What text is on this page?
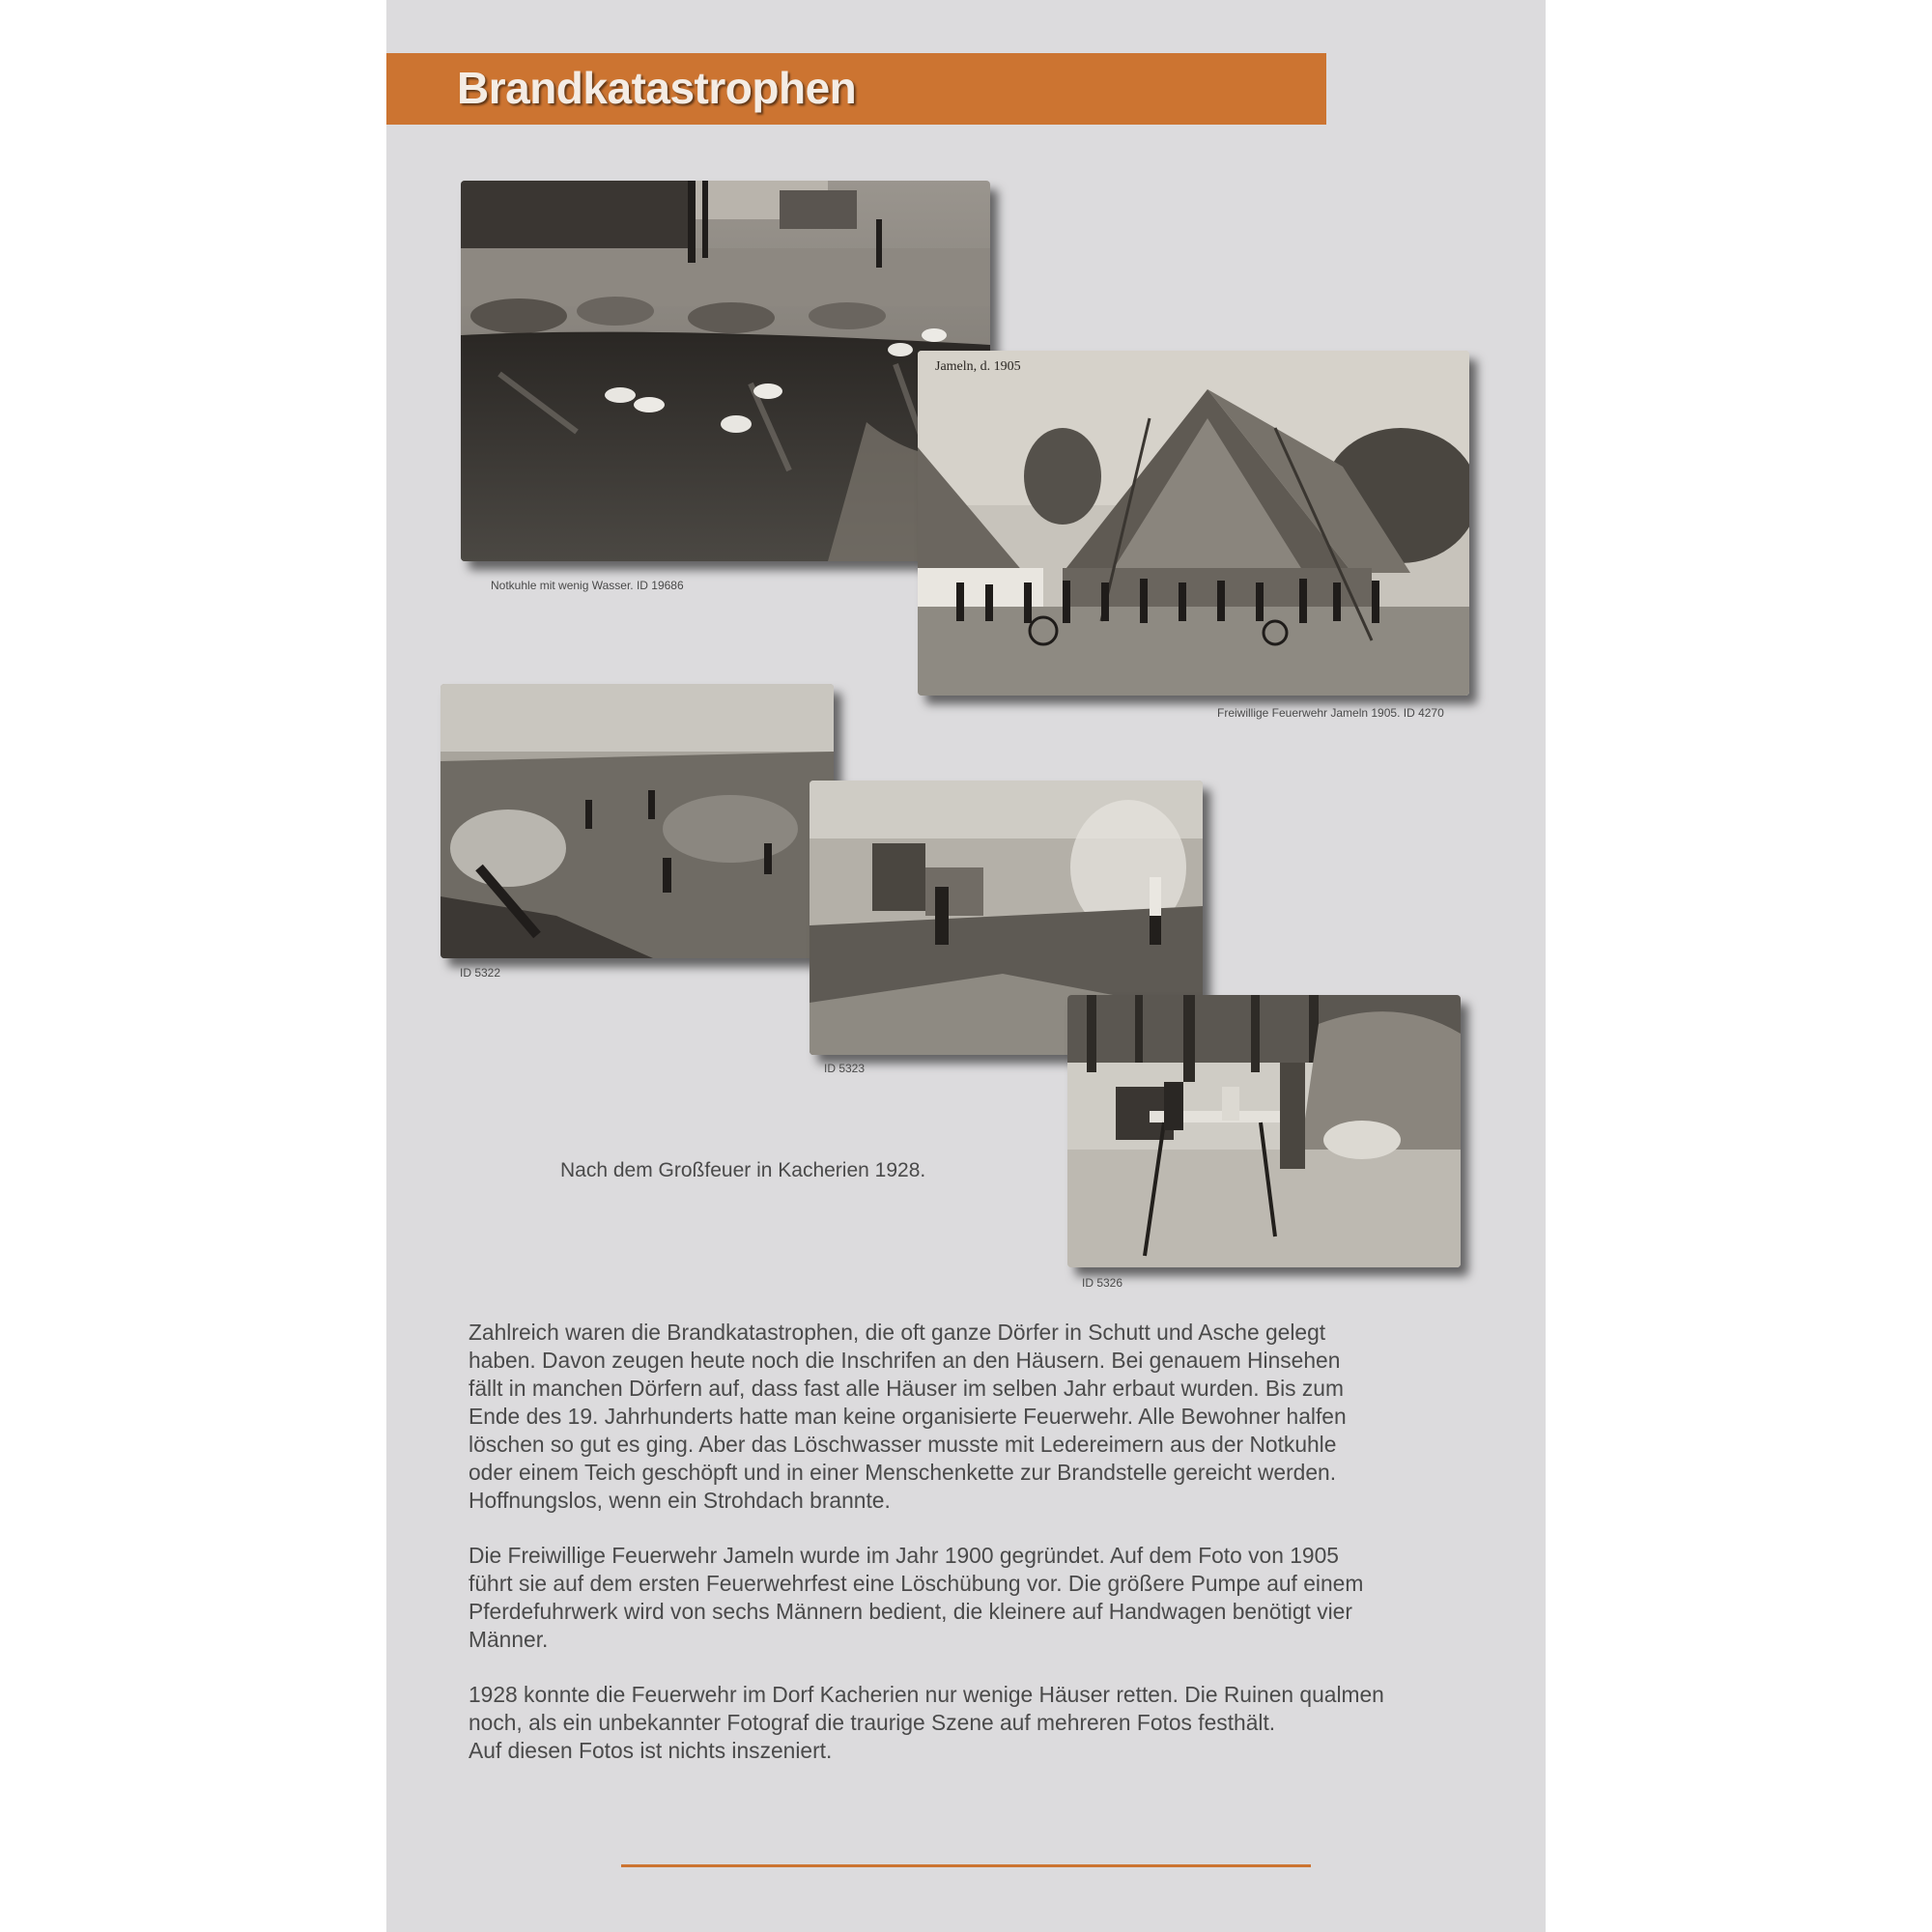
Brandkatastrophen
Notkuhle mit wenig Wasser. ID 19686
Jameln, d. 1905
Freiwillige Feuerwehr Jameln 1905. ID 4270
ID 5322
ID 5323
ID 5326
Nach dem Großfeuer in Kacherien 1928.

Zahlreich waren die Brandkatastrophen, die oft ganze Dörfer in Schutt und Asche gelegt
haben. Davon zeugen heute noch die Inschrifen an den Häusern. Bei genauem Hinsehen
fällt in manchen Dörfern auf, dass fast alle Häuser im selben Jahr erbaut wurden. Bis zum
Ende des 19. Jahrhunderts hatte man keine organisierte Feuerwehr. Alle Bewohner halfen
löschen so gut es ging. Aber das Löschwasser musste mit Ledereimern aus der Notkuhle
oder einem Teich geschöpft und in einer Menschenkette zur Brandstelle gereicht werden.
Hoffnungslos, wenn ein Strohdach brannte.

Die Freiwillige Feuerwehr Jameln wurde im Jahr 1900 gegründet. Auf dem Foto von 1905
führt sie auf dem ersten Feuerwehrfest eine Löschübung vor. Die größere Pumpe auf einem
Pferdefuhrwerk wird von sechs Männern bedient, die kleinere auf Handwagen benötigt vier
Männer.

1928 konnte die Feuerwehr im Dorf Kacherien nur wenige Häuser retten. Die Ruinen qualmen
noch, als ein unbekannter Fotograf die traurige Szene auf mehreren Fotos festhält.
Auf diesen Fotos ist nichts inszeniert.
